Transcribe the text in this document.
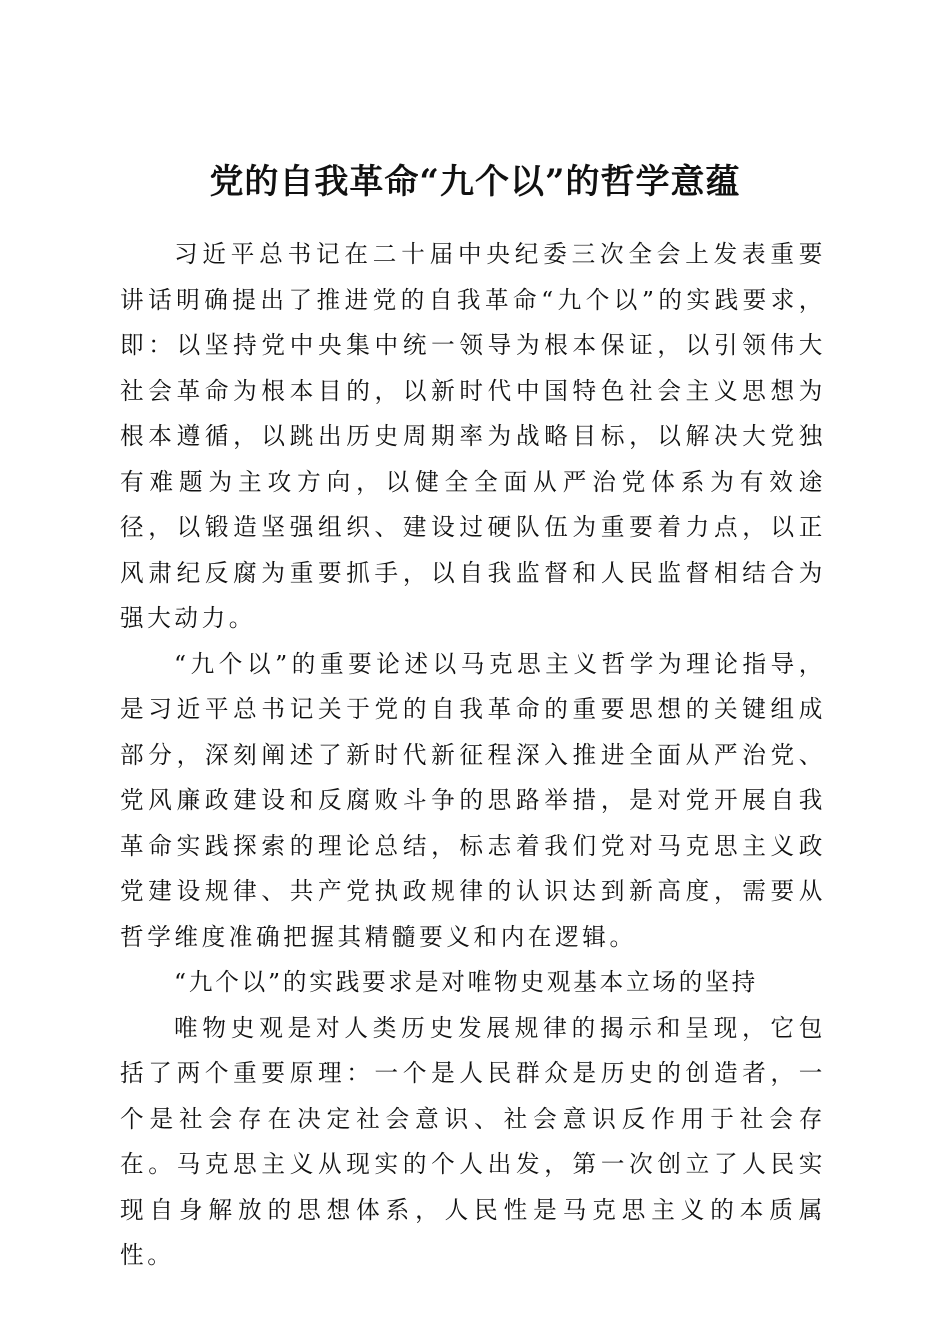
党的自我革命“九个以”的哲学意蕴

习近平总书记在二十届中央纪委三次全会上发表重要讲话明确提出了推进党的自我革命“九个以”的实践要求，即：以坚持党中央集中统一领导为根本保证，以引领伟大社会革命为根本目的，以新时代中国特色社会主义思想为根本遵循，以跳出历史周期率为战略目标，以解决大党独有难题为主攻方向，以健全全面从严治党体系为有效途径，以锻造坚强组织、建设过硬队伍为重要着力点，以正风肃纪反腐为重要抓手，以自我监督和人民监督相结合为强大动力。

“九个以”的重要论述以马克思主义哲学为理论指导，是习近平总书记关于党的自我革命的重要思想的关键组成部分，深刻阐述了新时代新征程深入推进全面从严治党、党风廉政建设和反腐败斗争的思路举措，是对党开展自我革命实践探索的理论总结，标志着我们党对马克思主义政党建设规律、共产党执政规律的认识达到新高度，需要从哲学维度准确把握其精髓要义和内在逻辑。

“九个以”的实践要求是对唯物史观基本立场的坚持

唯物史观是对人类历史发展规律的揭示和呈现，它包括了两个重要原理：一个是人民群众是历史的创造者，一个是社会存在决定社会意识、社会意识反作用于社会存在。马克思主义从现实的个人出发，第一次创立了人民实现自身解放的思想体系，人民性是马克思主义的本质属性。
